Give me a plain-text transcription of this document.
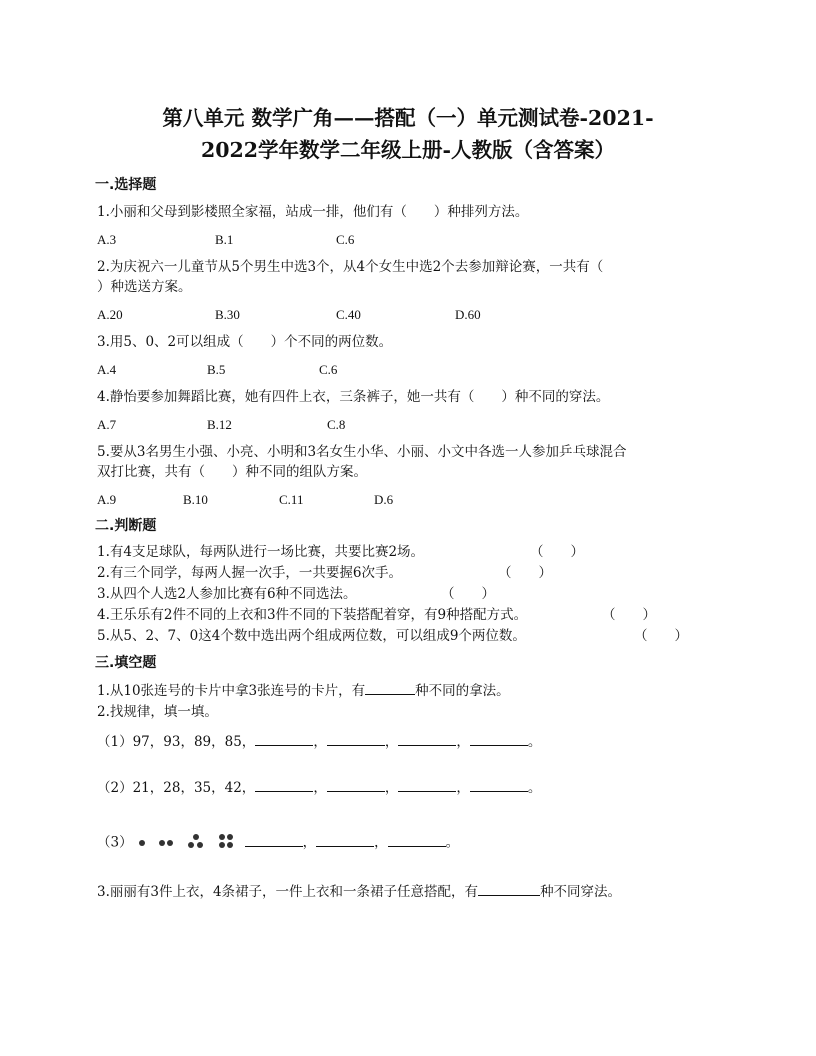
第八单元 数学广角——搭配（一）单元测试卷-2021-
2022学年数学二年级上册-人教版（含答案）
一.选择题
1.小丽和父母到影楼照全家福，站成一排，他们有（　　）种排列方法。
A.3	B.1	C.6
2.为庆祝六一儿童节从5个男生中选3个，从4个女生中选2个去参加辩论赛，一共有（
）种选送方案。
A.20	B.30	C.40	D.60
3.用5、0、2可以组成（　　）个不同的两位数。
A.4	B.5	C.6
4.静怡要参加舞蹈比赛，她有四件上衣，三条裤子，她一共有（　　）种不同的穿法。
A.7	B.12	C.8
5.要从3名男生小强、小亮、小明和3名女生小华、小丽、小文中各选一人参加乒乓球混合
双打比赛，共有（　　）种不同的组队方案。
A.9	B.10	C.11	D.6
二.判断题
1.有4支足球队，每两队进行一场比赛，共要比赛2场。	（　　）
2.有三个同学，每两人握一次手，一共要握6次手。	（　　）
3.从四个人选2人参加比赛有6种不同选法。	（　　）
4.王乐乐有2件不同的上衣和3件不同的下装搭配着穿，有9种搭配方式。	（　　）
5.从5、2、7、0这4个数中选出两个组成两位数，可以组成9个两位数。	（　　）
三.填空题
1.从10张连号的卡片中拿3张连号的卡片，有	种不同的拿法。
2.找规律，填一填。
（1）97，93，89，85，	，	，	，	。
（2）21，28，35，42，	，	，	，	。
（3）	，	，	。
3.丽丽有3件上衣，4条裙子，一件上衣和一条裙子任意搭配，有	种不同穿法。
